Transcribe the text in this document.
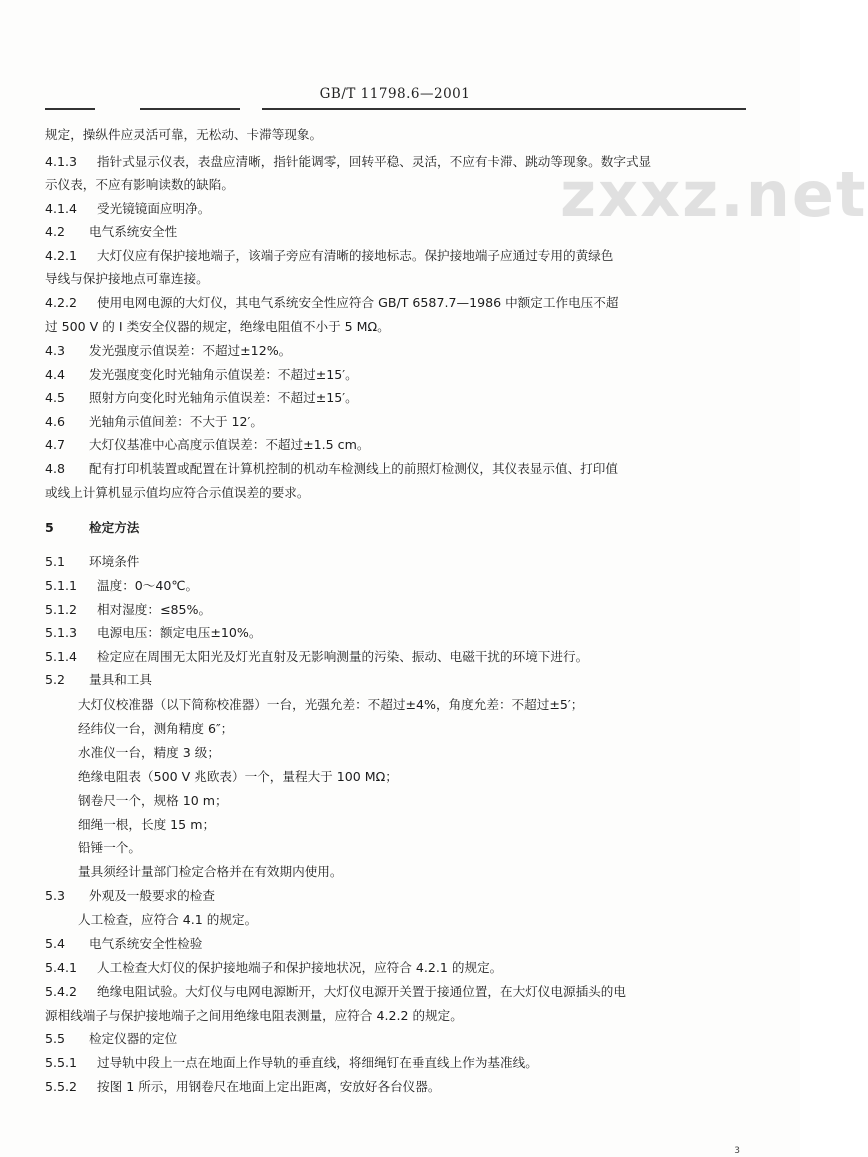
GB/T 11798.6—2001
zxxz.net
规定，操纵件应灵活可靠，无松动、卡滞等现象。
4.1.3 指针式显示仪表，表盘应清晰，指针能调零，回转平稳、灵活，不应有卡滞、跳动等现象。数字式显
示仪表，不应有影响读数的缺陷。
4.1.4 受光镜镜面应明净。
4.2 电气系统安全性
4.2.1 大灯仪应有保护接地端子，该端子旁应有清晰的接地标志。保护接地端子应通过专用的黄绿色
导线与保护接地点可靠连接。
4.2.2 使用电网电源的大灯仪，其电气系统安全性应符合 GB/T 6587.7—1986 中额定工作电压不超
过 500 V 的 I 类安全仪器的规定，绝缘电阻值不小于 5 MΩ。
4.3 发光强度示值误差：不超过±12%。
4.4 发光强度变化时光轴角示值误差：不超过±15′。
4.5 照射方向变化时光轴角示值误差：不超过±15′。
4.6 光轴角示值间差：不大于 12′。
4.7 大灯仪基准中心高度示值误差：不超过±1.5 cm。
4.8 配有打印机装置或配置在计算机控制的机动车检测线上的前照灯检测仪，其仪表显示值、打印值
或线上计算机显示值均应符合示值误差的要求。
5	检定方法
5.1 环境条件
5.1.1 温度：0～40℃。
5.1.2 相对湿度：≤85%。
5.1.3 电源电压：额定电压±10%。
5.1.4 检定应在周围无太阳光及灯光直射及无影响测量的污染、振动、电磁干扰的环境下进行。
5.2 量具和工具
大灯仪校准器（以下简称校准器）一台，光强允差：不超过±4%，角度允差：不超过±5′；
经纬仪一台，测角精度 6″；
水准仪一台，精度 3 级；
绝缘电阻表（500 V 兆欧表）一个，量程大于 100 MΩ；
钢卷尺一个，规格 10 m；
细绳一根，长度 15 m；
铅锤一个。
量具须经计量部门检定合格并在有效期内使用。
5.3 外观及一般要求的检查
人工检查，应符合 4.1 的规定。
5.4 电气系统安全性检验
5.4.1 人工检查大灯仪的保护接地端子和保护接地状况，应符合 4.2.1 的规定。
5.4.2 绝缘电阻试验。大灯仪与电网电源断开，大灯仪电源开关置于接通位置，在大灯仪电源插头的电
源相线端子与保护接地端子之间用绝缘电阻表测量，应符合 4.2.2 的规定。
5.5 检定仪器的定位
5.5.1 过导轨中段上一点在地面上作导轨的垂直线，将细绳钉在垂直线上作为基准线。
5.5.2 按图 1 所示，用钢卷尺在地面上定出距离，安放好各台仪器。
3
